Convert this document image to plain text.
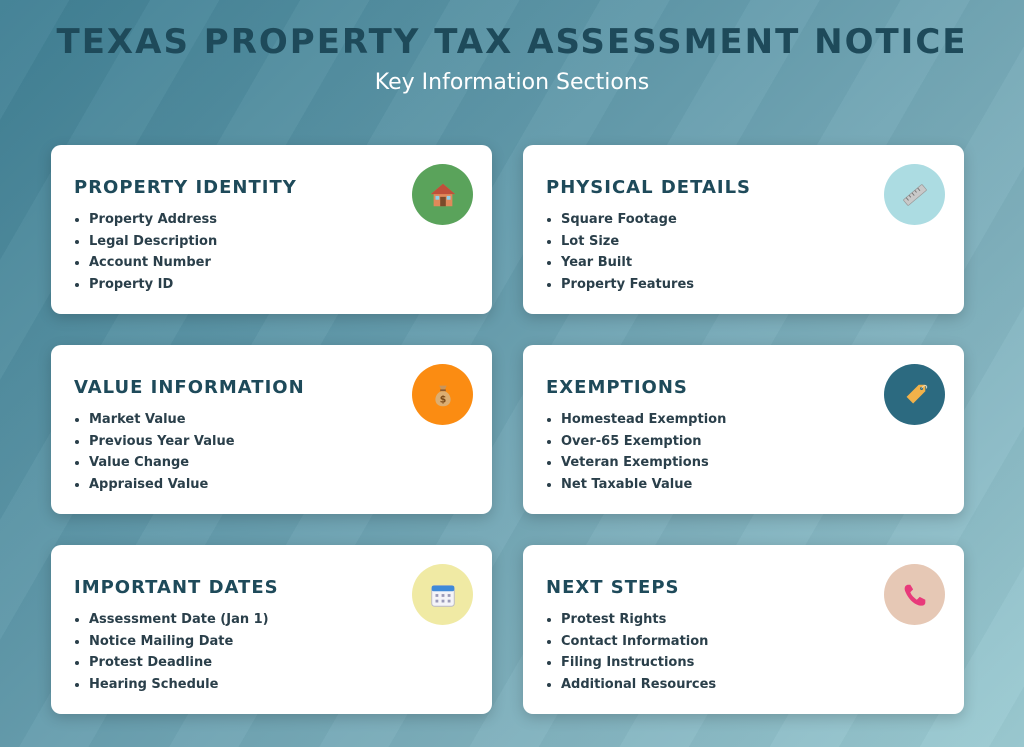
TEXAS PROPERTY TAX ASSESSMENT NOTICE
Key Information Sections
PROPERTY IDENTITY
Property Address
Legal Description
Account Number
Property ID
PHYSICAL DETAILS
Square Footage
Lot Size
Year Built
Property Features
VALUE INFORMATION
Market Value
Previous Year Value
Value Change
Appraised Value
$
EXEMPTIONS
Homestead Exemption
Over-65 Exemption
Veteran Exemptions
Net Taxable Value
IMPORTANT DATES
Assessment Date (Jan 1)
Notice Mailing Date
Protest Deadline
Hearing Schedule
NEXT STEPS
Protest Rights
Contact Information
Filing Instructions
Additional Resources
